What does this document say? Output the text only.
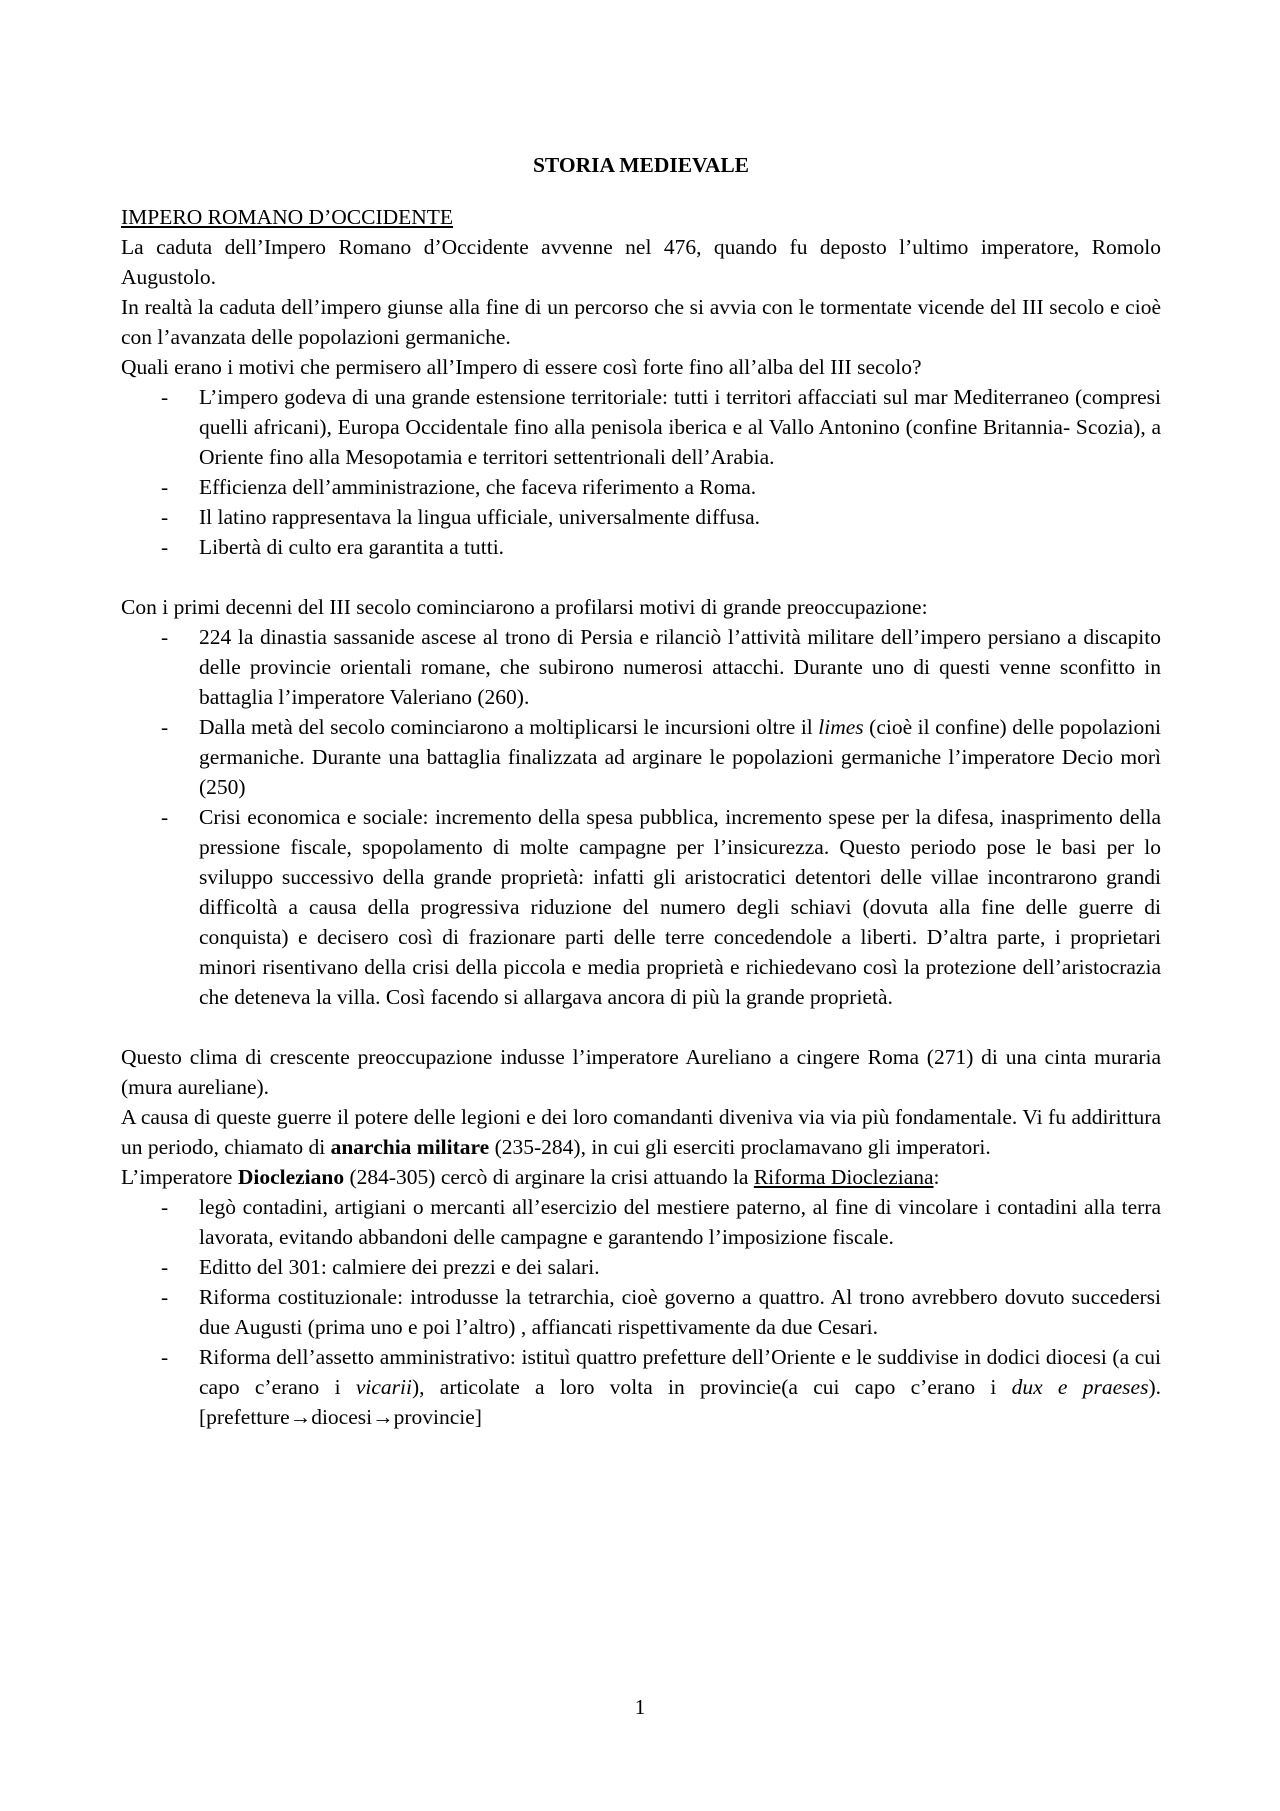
STORIA MEDIEVALE

IMPERO ROMANO D’OCCIDENTE

La caduta dell’Impero Romano d’Occidente avvenne nel 476, quando fu deposto l’ultimo imperatore, Romolo Augustolo.

In realtà la caduta dell’impero giunse alla fine di un percorso che si avvia con le tormentate vicende del III secolo e cioè con l’avanzata delle popolazioni germaniche.

Quali erano i motivi che permisero all’Impero di essere così forte fino all’alba del III secolo?

- L’impero godeva di una grande estensione territoriale: tutti i territori affacciati sul mar Mediterraneo (compresi quelli africani), Europa Occidentale fino alla penisola iberica e al Vallo Antonino (confine Britannia- Scozia), a Oriente fino alla Mesopotamia e territori settentrionali dell’Arabia.
- Efficienza dell’amministrazione, che faceva riferimento a Roma.
- Il latino rappresentava la lingua ufficiale, universalmente diffusa.
- Libertà di culto era garantita a tutti.

Con i primi decenni del III secolo cominciarono a profilarsi motivi di grande preoccupazione:

- 224 la dinastia sassanide ascese al trono di Persia e rilanciò l’attività militare dell’impero persiano a discapito delle provincie orientali romane, che subirono numerosi attacchi. Durante uno di questi venne sconfitto in battaglia l’imperatore Valeriano (260).
- Dalla metà del secolo cominciarono a moltiplicarsi le incursioni oltre il limes (cioè il confine) delle popolazioni germaniche. Durante una battaglia finalizzata ad arginare le popolazioni germaniche l’imperatore Decio morì (250)
- Crisi economica e sociale: incremento della spesa pubblica, incremento spese per la difesa, inasprimento della pressione fiscale, spopolamento di molte campagne per l’insicurezza. Questo periodo pose le basi per lo sviluppo successivo della grande proprietà: infatti gli aristocratici detentori delle villae incontrarono grandi difficoltà a causa della progressiva riduzione del numero degli schiavi (dovuta alla fine delle guerre di conquista) e decisero così di frazionare parti delle terre concedendole a liberti. D’altra parte, i proprietari minori risentivano della crisi della piccola e media proprietà e richiedevano così la protezione dell’aristocrazia che deteneva la villa. Così facendo si allargava ancora di più la grande proprietà.

Questo clima di crescente preoccupazione indusse l’imperatore Aureliano a cingere Roma (271) di una cinta muraria (mura aureliane).

A causa di queste guerre il potere delle legioni e dei loro comandanti diveniva via via più fondamentale. Vi fu addirittura un periodo, chiamato di anarchia militare (235-284), in cui gli eserciti proclamavano gli imperatori.

L’imperatore Diocleziano (284-305) cercò di arginare la crisi attuando la Riforma Diocleziana:

- legò contadini, artigiani o mercanti all’esercizio del mestiere paterno, al fine di vincolare i contadini alla terra lavorata, evitando abbandoni delle campagne e garantendo l’imposizione fiscale.
- Editto del 301: calmiere dei prezzi e dei salari.
- Riforma costituzionale: introdusse la tetrarchia, cioè governo a quattro. Al trono avrebbero dovuto succedersi due Augusti (prima uno e poi l’altro) , affiancati rispettivamente da due Cesari.
- Riforma dell’assetto amministrativo: istituì quattro prefetture dell’Oriente e le suddivise in dodici diocesi (a cui capo c’erano i vicarii), articolate a loro volta in provincie(a cui capo c’erano i dux e praeses). [prefetture→diocesi→provincie]
1
